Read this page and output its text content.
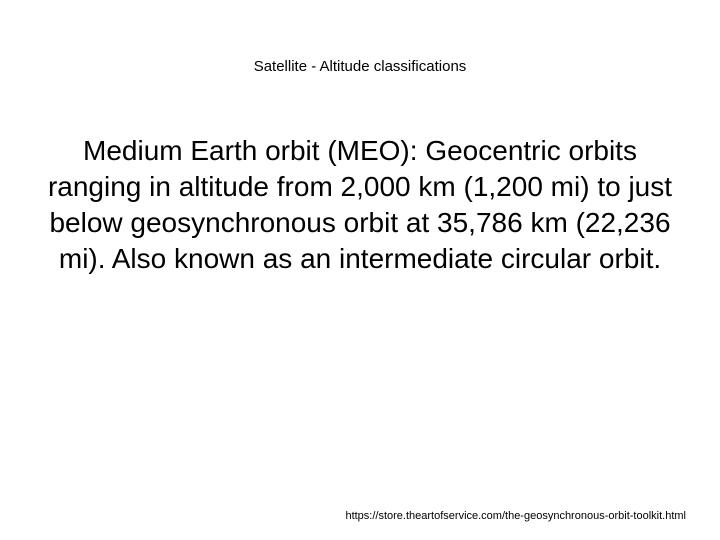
Satellite - Altitude classifications
Medium Earth orbit (MEO): Geocentric orbits ranging in altitude from 2,000 km (1,200 mi) to just below geosynchronous orbit at 35,786 km (22,236 mi). Also known as an intermediate circular orbit.
https://store.theartofservice.com/the-geosynchronous-orbit-toolkit.html
